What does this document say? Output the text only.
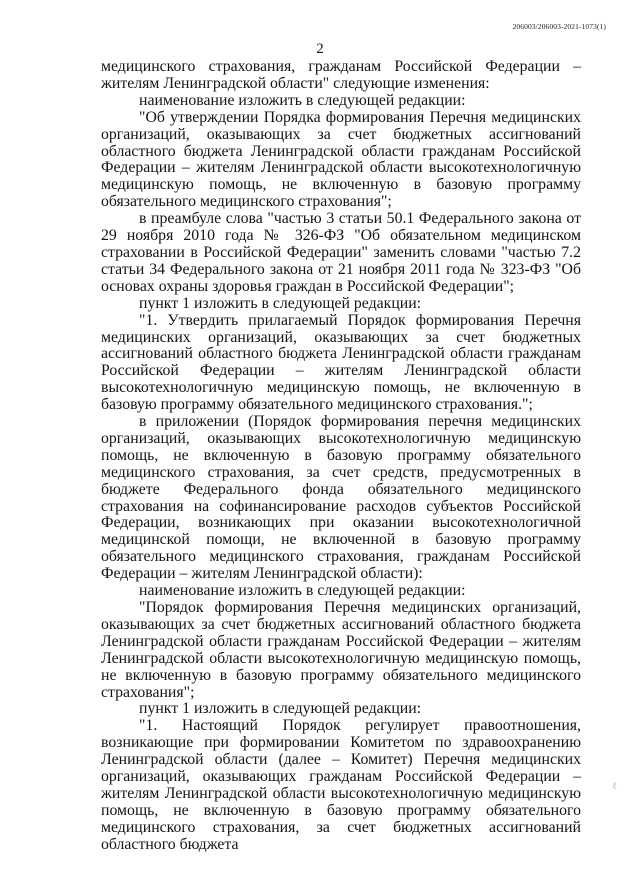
206003/206003-2021-1073(1)
2

медицинского страхования, гражданам Российской Федерации – жителям Ленинградской области" следующие изменения:

наименование изложить в следующей редакции:

"Об утверждении Порядка формирования Перечня медицинских организаций, оказывающих за счет бюджетных ассигнований областного бюджета Ленинградской области гражданам Российской Федерации – жителям Ленинградской области высокотехнологичную медицинскую помощь, не включенную в базовую программу обязательного медицинского страхования";

в преамбуле слова "частью 3 статьи 50.1 Федерального закона от 29 ноября 2010 года № 326-ФЗ "Об обязательном медицинском страховании в Российской Федерации" заменить словами "частью 7.2 статьи 34 Федерального закона от 21 ноября 2011 года № 323-ФЗ "Об основах охраны здоровья граждан в Российской Федерации";

пункт 1 изложить в следующей редакции:

"1. Утвердить прилагаемый Порядок формирования Перечня медицинских организаций, оказывающих за счет бюджетных ассигнований областного бюджета Ленинградской области гражданам Российской Федерации – жителям Ленинградской области высокотехнологичную медицинскую помощь, не включенную в базовую программу обязательного медицинского страхования.";

в приложении (Порядок формирования перечня медицинских организаций, оказывающих высокотехнологичную медицинскую помощь, не включенную в базовую программу обязательного медицинского страхования, за счет средств, предусмотренных в бюджете Федерального фонда обязательного медицинского страхования на софинансирование расходов субъектов Российской Федерации, возникающих при оказании высокотехнологичной медицинской помощи, не включенной в базовую программу обязательного медицинского страхования, гражданам Российской Федерации – жителям Ленинградской области):

наименование изложить в следующей редакции:

"Порядок формирования Перечня медицинских организаций, оказывающих за счет бюджетных ассигнований областного бюджета Ленинградской области гражданам Российской Федерации – жителям Ленинградской области высокотехнологичную медицинскую помощь, не включенную в базовую программу обязательного медицинского страхования";

пункт 1 изложить в следующей редакции:

"1. Настоящий Порядок регулирует правоотношения, возникающие при формировании Комитетом по здравоохранению Ленинградской области (далее – Комитет) Перечня медицинских организаций, оказывающих гражданам Российской Федерации – жителям Ленинградской области высокотехнологичную медицинскую помощь, не включенную в базовую программу обязательного медицинского страхования, за счет бюджетных ассигнований областного бюджета

ℓ
